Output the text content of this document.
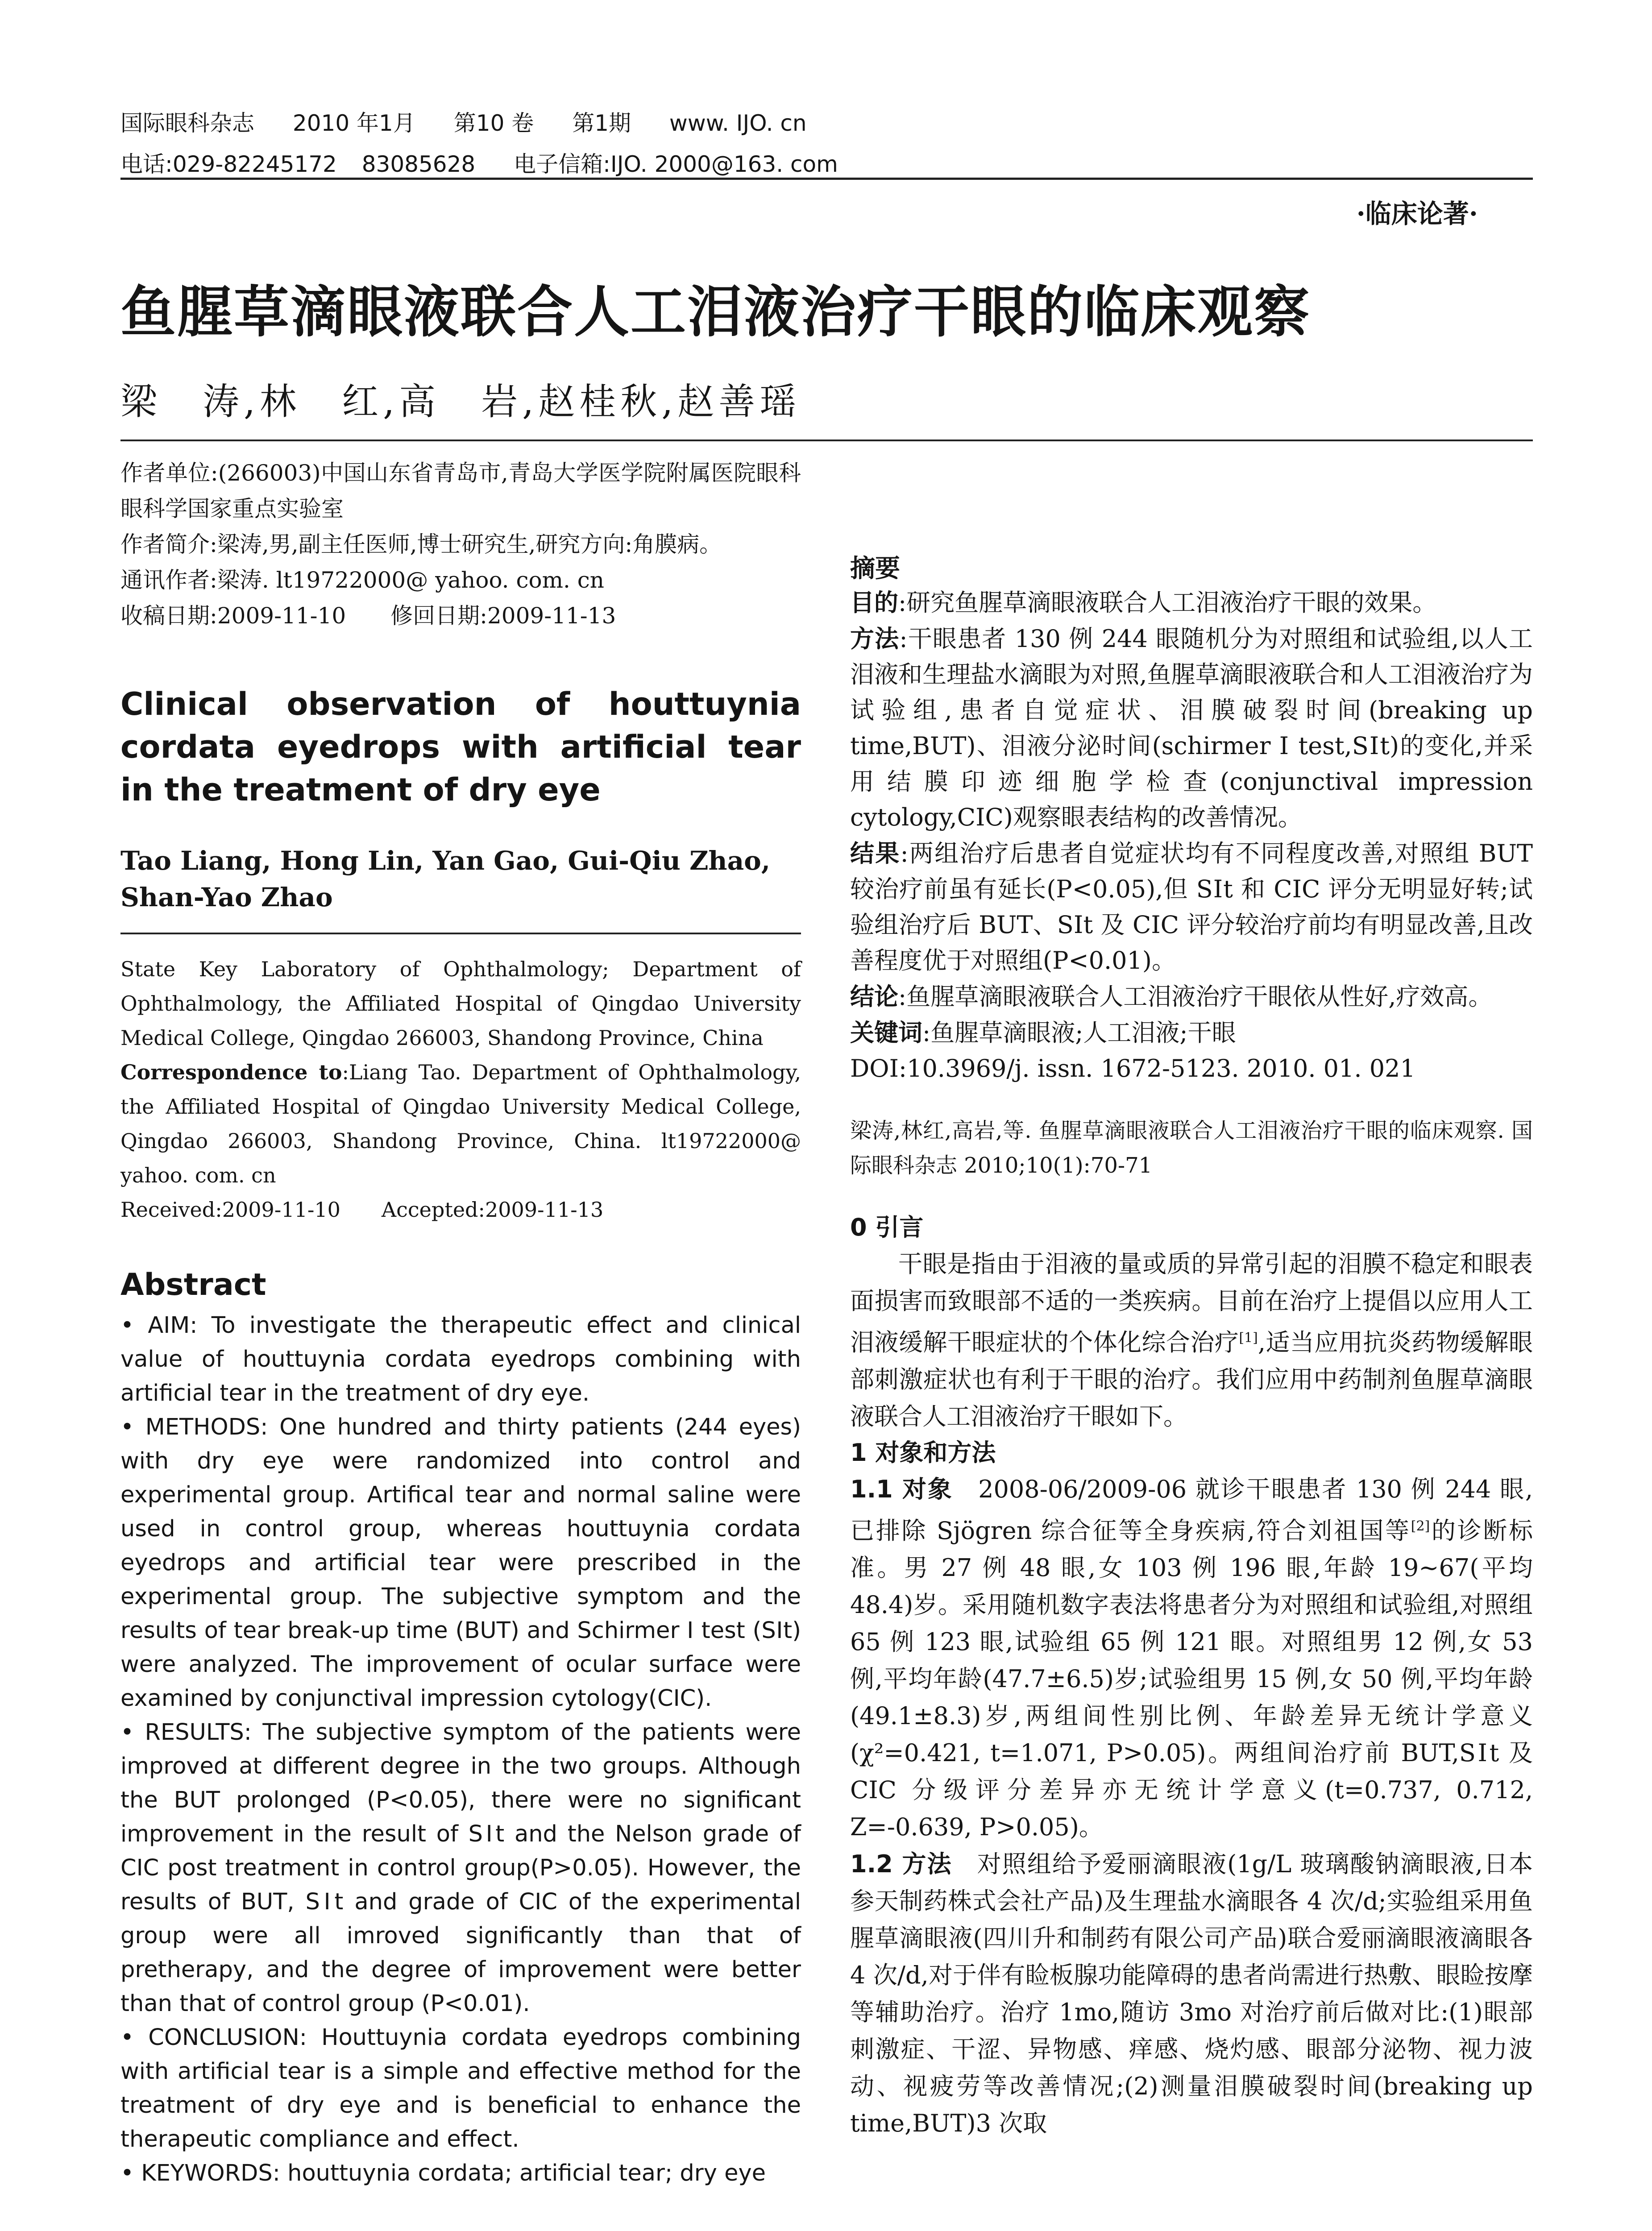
国际眼科杂志 2010 年1月 第10 卷 第1期 www. IJO. cn
电话:029-82245172 83085628 电子信箱:IJO. 2000@163. com
·临床论著·
鱼腥草滴眼液联合人工泪液治疗干眼的临床观察
梁　涛,林　红,高　岩,赵桂秋,赵善瑶

作者单位:(266003)中国山东省青岛市,青岛大学医学院附属医院眼科 眼科学国家重点实验室

作者简介:梁涛,男,副主任医师,博士研究生,研究方向:角膜病。

通讯作者:梁涛. lt19722000@ yahoo. com. cn

收稿日期:2009-11-10　　修回日期:2009-11-13

Clinical observation of houttuynia cordata eyedrops with artificial tear in the treatment of dry eye
Tao Liang, Hong Lin, Yan Gao, Gui-Qiu Zhao, Shan-Yao Zhao

State Key Laboratory of Ophthalmology; Department of Ophthalmology, the Affiliated Hospital of Qingdao University Medical College, Qingdao 266003, Shandong Province, China

Correspondence to:Liang Tao. Department of Ophthalmology, the Affiliated Hospital of Qingdao University Medical College, Qingdao 266003, Shandong Province, China. lt19722000@ yahoo. com. cn

Received:2009-11-10　　Accepted:2009-11-13

Abstract

• AIM: To investigate the therapeutic effect and clinical value of houttuynia cordata eyedrops combining with artificial tear in the treatment of dry eye.

• METHODS: One hundred and thirty patients (244 eyes) with dry eye were randomized into control and experimental group. Artifical tear and normal saline were used in control group, whereas houttuynia cordata eyedrops and artificial tear were prescribed in the experimental group. The subjective symptom and the results of tear break-up time (BUT) and Schirmer Ⅰ test (SⅠt) were analyzed. The improvement of ocular surface were examined by conjunctival impression cytology(CIC).

• RESULTS: The subjective symptom of the patients were improved at different degree in the two groups. Although the BUT prolonged (P<0.05), there were no significant improvement in the result of SⅠt and the Nelson grade of CIC post treatment in control group(P>0.05). However, the results of BUT, SⅠt and grade of CIC of the experimental group were all imroved significantly than that of pretherapy, and the degree of improvement were better than that of control group (P<0.01).

• CONCLUSION: Houttuynia cordata eyedrops combining with artificial tear is a simple and effective method for the treatment of dry eye and is beneficial to enhance the therapeutic compliance and effect.

• KEYWORDS: houttuynia cordata; artificial tear; dry eye

摘要

目的:研究鱼腥草滴眼液联合人工泪液治疗干眼的效果。

方法:干眼患者 130 例 244 眼随机分为对照组和试验组,以人工泪液和生理盐水滴眼为对照,鱼腥草滴眼液联合和人工泪液治疗为试验组,患者自觉症状、泪膜破裂时间(breaking up time,BUT)、泪液分泌时间(schirmer Ⅰ test,SⅠt)的变化,并采用结膜印迹细胞学检查(conjunctival impression cytology,CIC)观察眼表结构的改善情况。

结果:两组治疗后患者自觉症状均有不同程度改善,对照组 BUT 较治疗前虽有延长(P<0.05),但 SⅠt 和 CIC 评分无明显好转;试验组治疗后 BUT、SⅠt 及 CIC 评分较治疗前均有明显改善,且改善程度优于对照组(P<0.01)。

结论:鱼腥草滴眼液联合人工泪液治疗干眼依从性好,疗效高。

关键词:鱼腥草滴眼液;人工泪液;干眼

DOI:10.3969/j. issn. 1672-5123. 2010. 01. 021

梁涛,林红,高岩,等. 鱼腥草滴眼液联合人工泪液治疗干眼的临床观察. 国际眼科杂志 2010;10(1):70-71

0 引言

干眼是指由于泪液的量或质的异常引起的泪膜不稳定和眼表面损害而致眼部不适的一类疾病。目前在治疗上提倡以应用人工泪液缓解干眼症状的个体化综合治疗[1],适当应用抗炎药物缓解眼部刺激症状也有利于干眼的治疗。我们应用中药制剂鱼腥草滴眼液联合人工泪液治疗干眼如下。

1 对象和方法

1.1 对象　2008-06/2009-06 就诊干眼患者 130 例 244 眼,已排除 Sjögren 综合征等全身疾病,符合刘祖国等[2]的诊断标准。男 27 例 48 眼,女 103 例 196 眼,年龄 19~67(平均 48.4)岁。采用随机数字表法将患者分为对照组和试验组,对照组 65 例 123 眼,试验组 65 例 121 眼。对照组男 12 例,女 53 例,平均年龄(47.7±6.5)岁;试验组男 15 例,女 50 例,平均年龄(49.1±8.3)岁,两组间性别比例、年龄差异无统计学意义(χ²=0.421, t=1.071, P>0.05)。两组间治疗前 BUT,SⅠt 及 CIC 分级评分差异亦无统计学意义(t=0.737, 0.712, Z=-0.639, P>0.05)。

1.2 方法　对照组给予爱丽滴眼液(1g/L 玻璃酸钠滴眼液,日本参天制药株式会社产品)及生理盐水滴眼各 4 次/d;实验组采用鱼腥草滴眼液(四川升和制药有限公司产品)联合爱丽滴眼液滴眼各 4 次/d,对于伴有睑板腺功能障碍的患者尚需进行热敷、眼睑按摩等辅助治疗。治疗 1mo,随访 3mo 对治疗前后做对比:(1)眼部刺激症、干涩、异物感、痒感、烧灼感、眼部分泌物、视力波动、视疲劳等改善情况;(2)测量泪膜破裂时间(breaking up time,BUT)3 次取
